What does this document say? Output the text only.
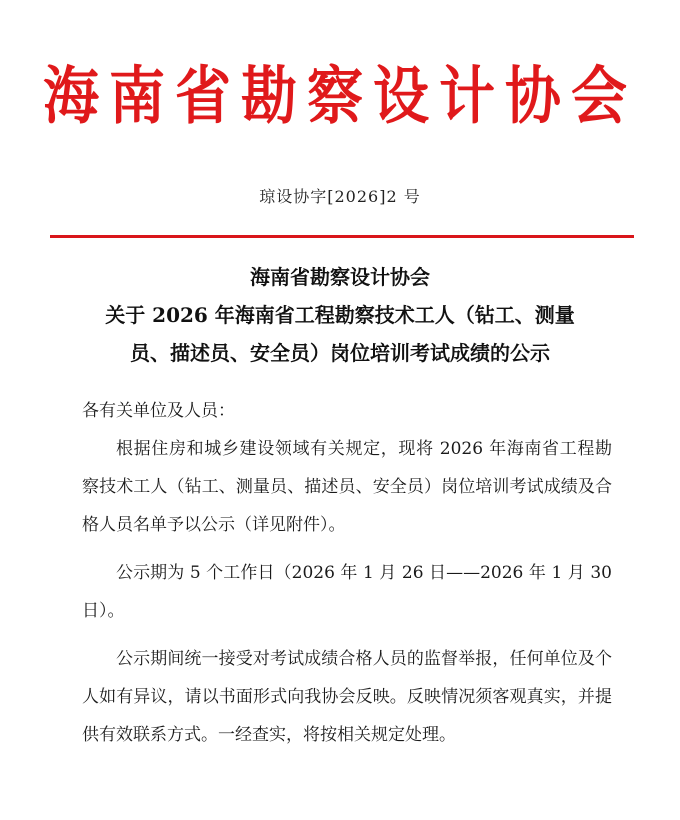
海南省勘察设计协会
琼设协字[2026]2 号
海南省勘察设计协会
关于 2026 年海南省工程勘察技术工人（钻工、测量
员、描述员、安全员）岗位培训考试成绩的公示
各有关单位及人员：

根据住房和城乡建设领域有关规定，现将 2026 年海南省工程勘察技术工人（钻工、测量员、描述员、安全员）岗位培训考试成绩及合格人员名单予以公示（详见附件）。

公示期为 5 个工作日（2026 年 1 月 26 日——2026 年 1 月 30 日）。

公示期间统一接受对考试成绩合格人员的监督举报，任何单位及个人如有异议，请以书面形式向我协会反映。反映情况须客观真实，并提供有效联系方式。一经查实，将按相关规定处理。
